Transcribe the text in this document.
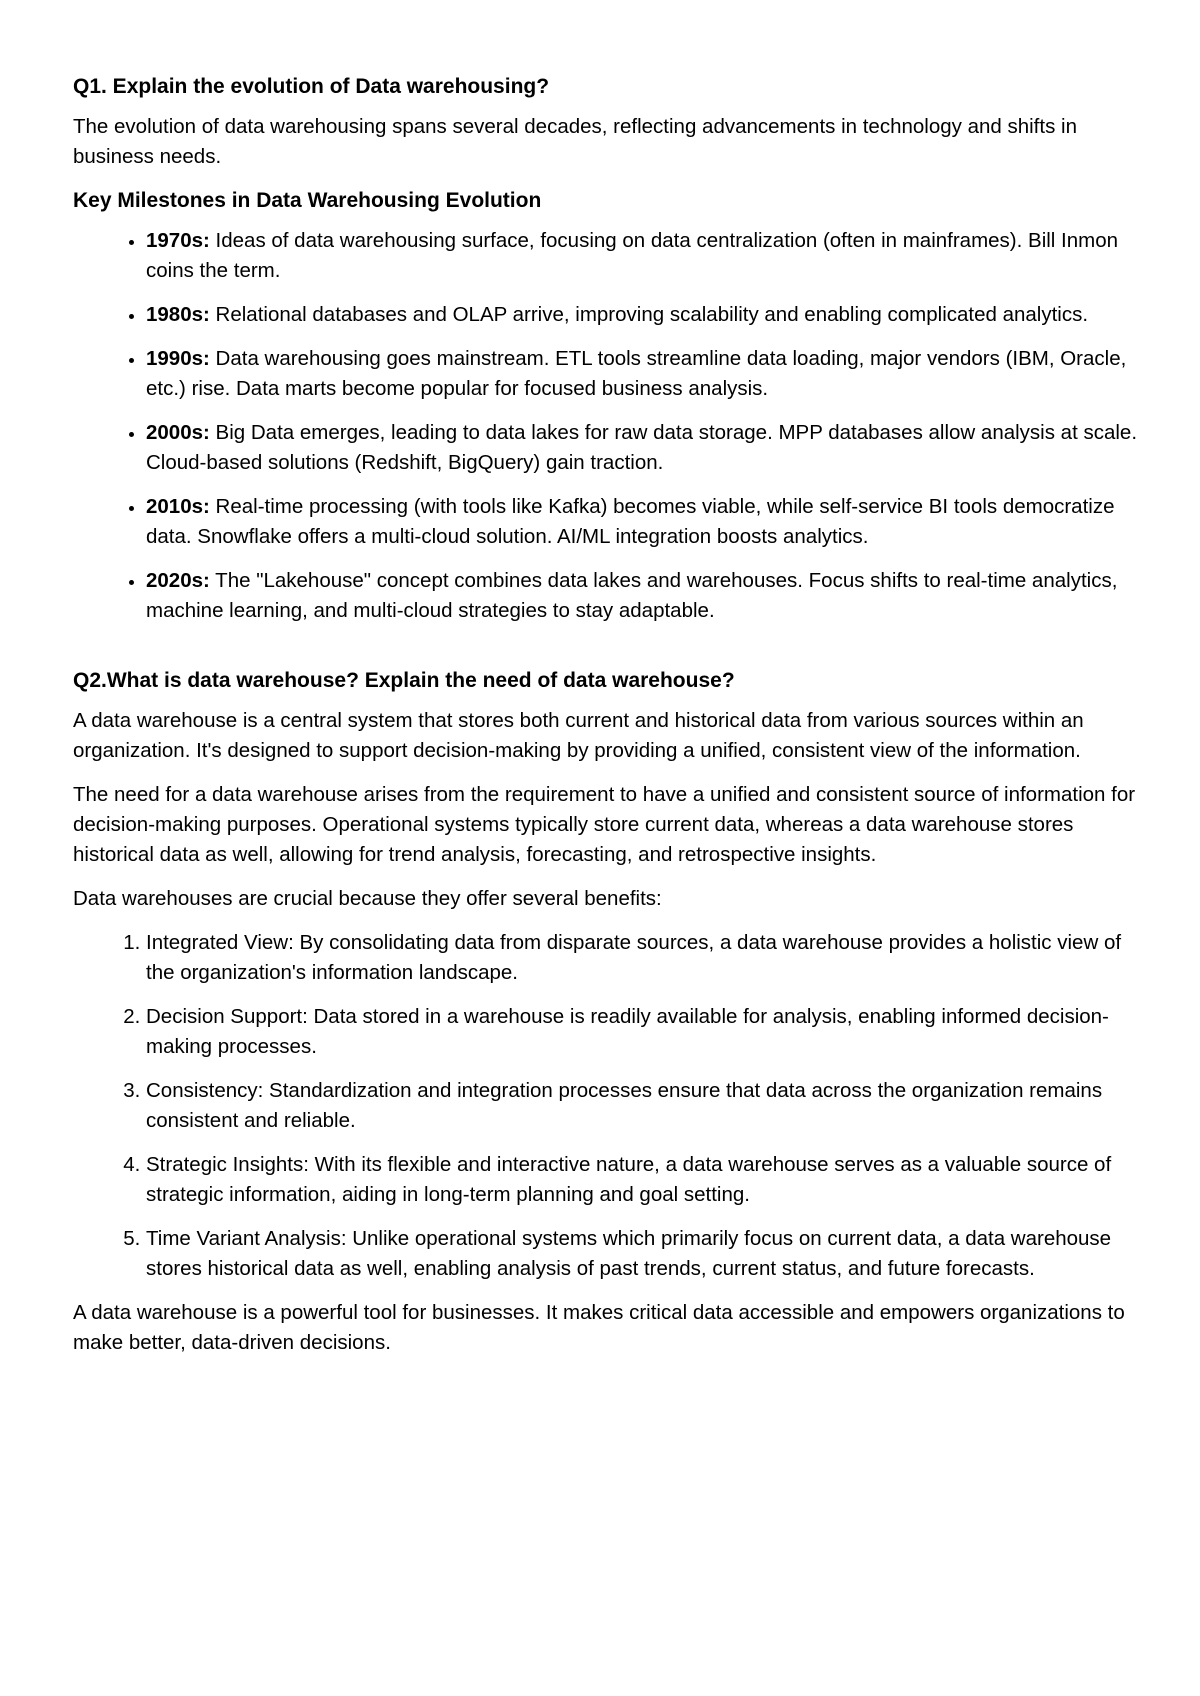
Q1. Explain the evolution of Data warehousing?

The evolution of data warehousing spans several decades, reflecting advancements in technology and shifts in business needs.

Key Milestones in Data Warehousing Evolution
• 1970s: Ideas of data warehousing surface, focusing on data centralization (often in mainframes). Bill Inmon coins the term.
• 1980s: Relational databases and OLAP arrive, improving scalability and enabling complicated analytics.
• 1990s: Data warehousing goes mainstream. ETL tools streamline data loading, major vendors (IBM, Oracle, etc.) rise. Data marts become popular for focused business analysis.
• 2000s: Big Data emerges, leading to data lakes for raw data storage. MPP databases allow analysis at scale. Cloud-based solutions (Redshift, BigQuery) gain traction.
• 2010s: Real-time processing (with tools like Kafka) becomes viable, while self-service BI tools democratize data. Snowflake offers a multi-cloud solution. AI/ML integration boosts analytics.
• 2020s: The "Lakehouse" concept combines data lakes and warehouses. Focus shifts to real-time analytics, machine learning, and multi-cloud strategies to stay adaptable.
Q2.What is data warehouse? Explain the need of data warehouse?

A data warehouse is a central system that stores both current and historical data from various sources within an organization. It's designed to support decision-making by providing a unified, consistent view of the information.

The need for a data warehouse arises from the requirement to have a unified and consistent source of information for decision-making purposes. Operational systems typically store current data, whereas a data warehouse stores historical data as well, allowing for trend analysis, forecasting, and retrospective insights.

Data warehouses are crucial because they offer several benefits:

1. Integrated View: By consolidating data from disparate sources, a data warehouse provides a holistic view of the organization's information landscape.
2. Decision Support: Data stored in a warehouse is readily available for analysis, enabling informed decision-making processes.
3. Consistency: Standardization and integration processes ensure that data across the organization remains consistent and reliable.
4. Strategic Insights: With its flexible and interactive nature, a data warehouse serves as a valuable source of strategic information, aiding in long-term planning and goal setting.
5. Time Variant Analysis: Unlike operational systems which primarily focus on current data, a data warehouse stores historical data as well, enabling analysis of past trends, current status, and future forecasts.

A data warehouse is a powerful tool for businesses. It makes critical data accessible and empowers organizations to make better, data-driven decisions.
